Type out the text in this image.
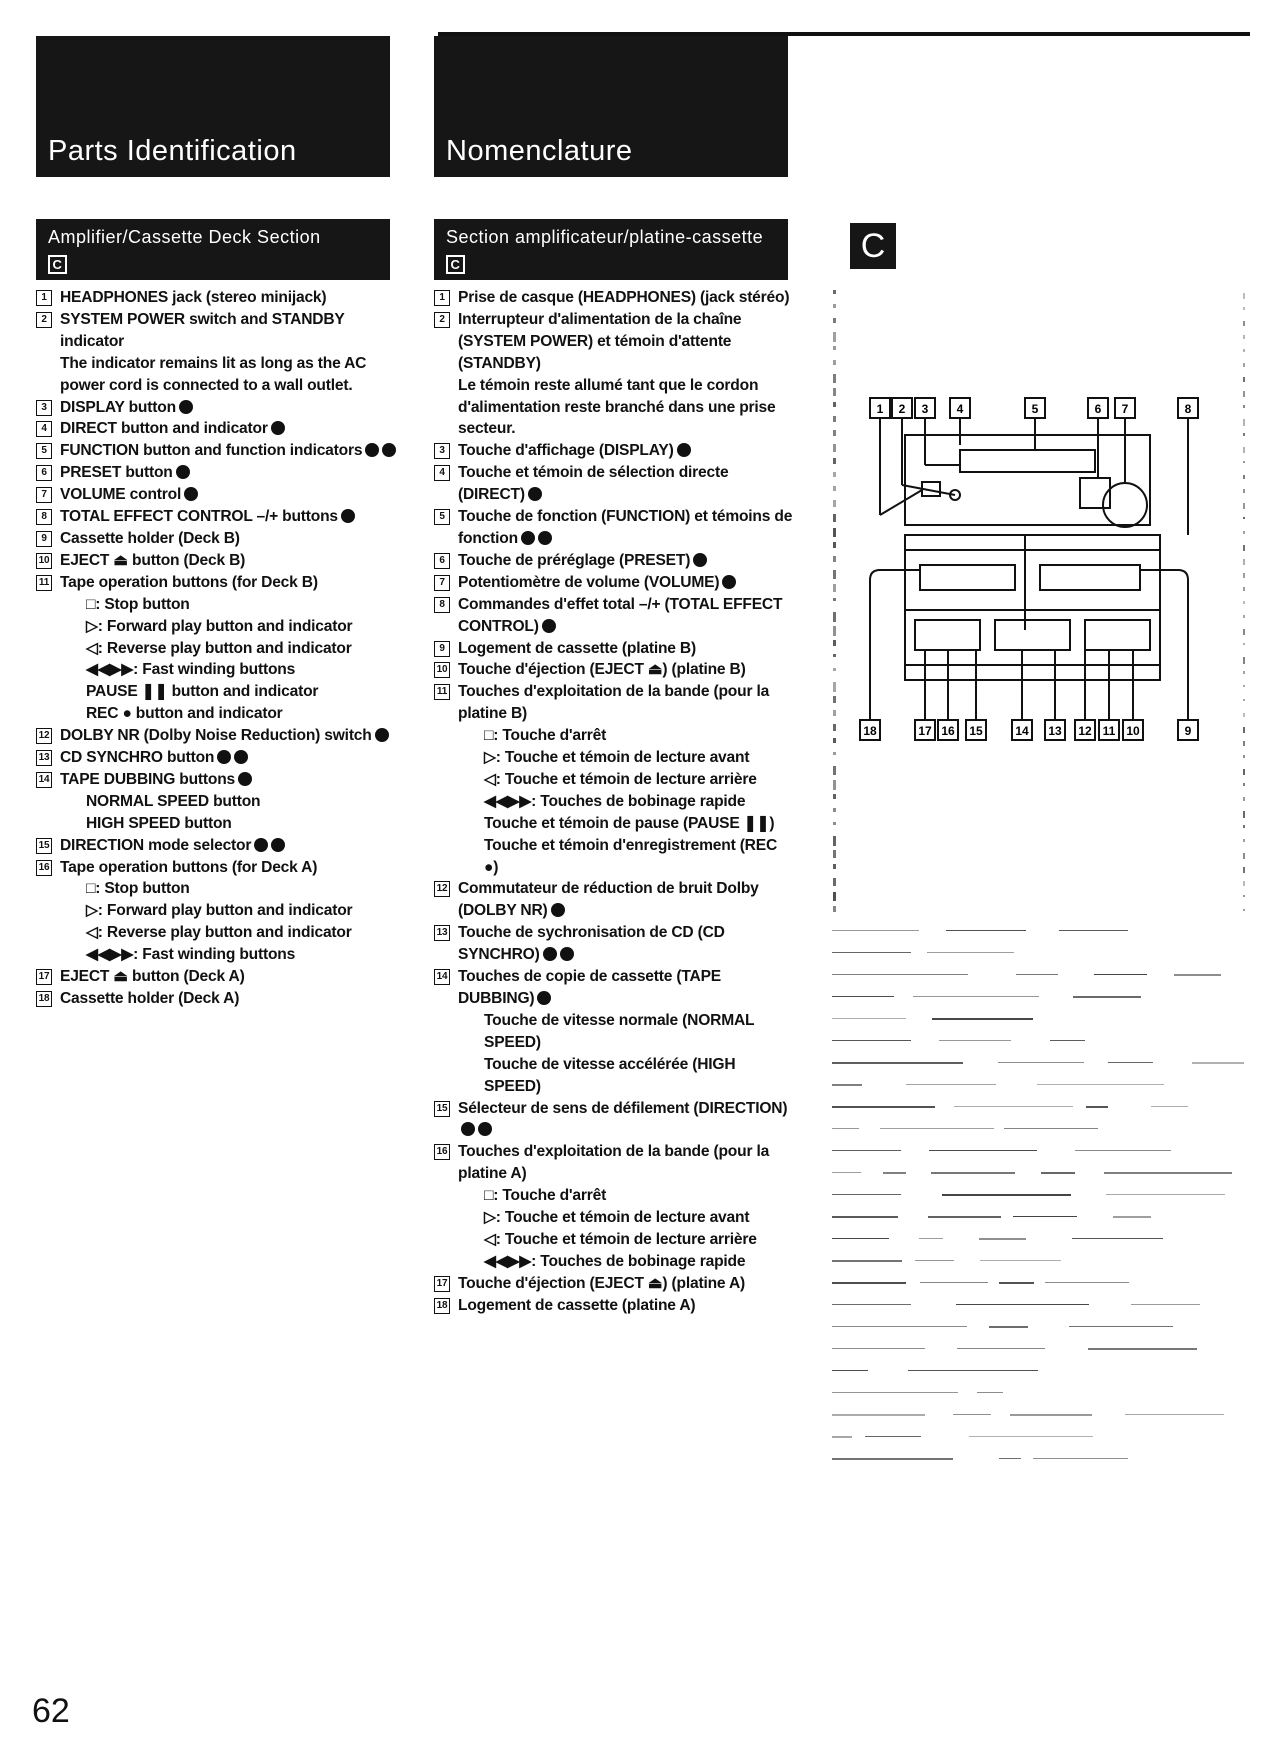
Parts Identification	Nomenclature
Amplifier/Cassette Deck Section
C
Section amplificateur/platine-cassette C
1 HEADPHONES jack (stereo minijack)
2 SYSTEM POWER switch and STANDBY indicator
The indicator remains lit as long as the AC power cord is connected to a wall outlet.
3 DISPLAY button
4 DIRECT button and indicator
5 FUNCTION button and function indicators
6 PRESET button
7 VOLUME control
8 TOTAL EFFECT CONTROL –/+ buttons
9 Cassette holder (Deck B)
10 EJECT ⏏ button (Deck B)
11 Tape operation buttons (for Deck B)
□: Stop button
▷: Forward play button and indicator
◁: Reverse play button and indicator
◀◀▶▶: Fast winding buttons
PAUSE ❚❚ button and indicator
REC ● button and indicator
12 DOLBY NR (Dolby Noise Reduction) switch
13 CD SYNCHRO button
14 TAPE DUBBING buttons
NORMAL SPEED button
HIGH SPEED button
15 DIRECTION mode selector
16 Tape operation buttons (for Deck A)
□: Stop button
▷: Forward play button and indicator
◁: Reverse play button and indicator
◀◀▶▶: Fast winding buttons
17 EJECT ⏏ button (Deck A)
18 Cassette holder (Deck A)
1 Prise de casque (HEADPHONES) (jack stéréo)
2 Interrupteur d'alimentation de la chaîne (SYSTEM POWER) et témoin d'attente (STANDBY)
Le témoin reste allumé tant que le cordon d'alimentation reste branché dans une prise secteur.
3 Touche d'affichage (DISPLAY)
4 Touche et témoin de sélection directe (DIRECT)
5 Touche de fonction (FUNCTION) et témoins de fonction
6 Touche de préréglage (PRESET)
7 Potentiomètre de volume (VOLUME)
8 Commandes d'effet total –/+ (TOTAL EFFECT CONTROL)
9 Logement de cassette (platine B)
10 Touche d'éjection (EJECT ⏏) (platine B)
11 Touches d'exploitation de la bande (pour la platine B)
□: Touche d'arrêt
▷: Touche et témoin de lecture avant
◁: Touche et témoin de lecture arrière
◀◀▶▶: Touches de bobinage rapide
Touche et témoin de pause (PAUSE ❚❚)
Touche et témoin d'enregistrement (REC ●)
12 Commutateur de réduction de bruit Dolby (DOLBY NR)
13 Touche de sychronisation de CD (CD SYNCHRO)
14 Touches de copie de cassette (TAPE DUBBING)
Touche de vitesse normale (NORMAL SPEED)
Touche de vitesse accélérée (HIGH SPEED)
15 Sélecteur de sens de défilement (DIRECTION)
16 Touches d'exploitation de la bande (pour la platine A)
□: Touche d'arrêt
▷: Touche et témoin de lecture avant
◁: Touche et témoin de lecture arrière
◀◀▶▶: Touches de bobinage rapide
17 Touche d'éjection (EJECT ⏏) (platine A)
18 Logement de cassette (platine A)
C
1 2 3 4	5	6 7	8
18	17 16 15	14 13 12 11 10	9
62
